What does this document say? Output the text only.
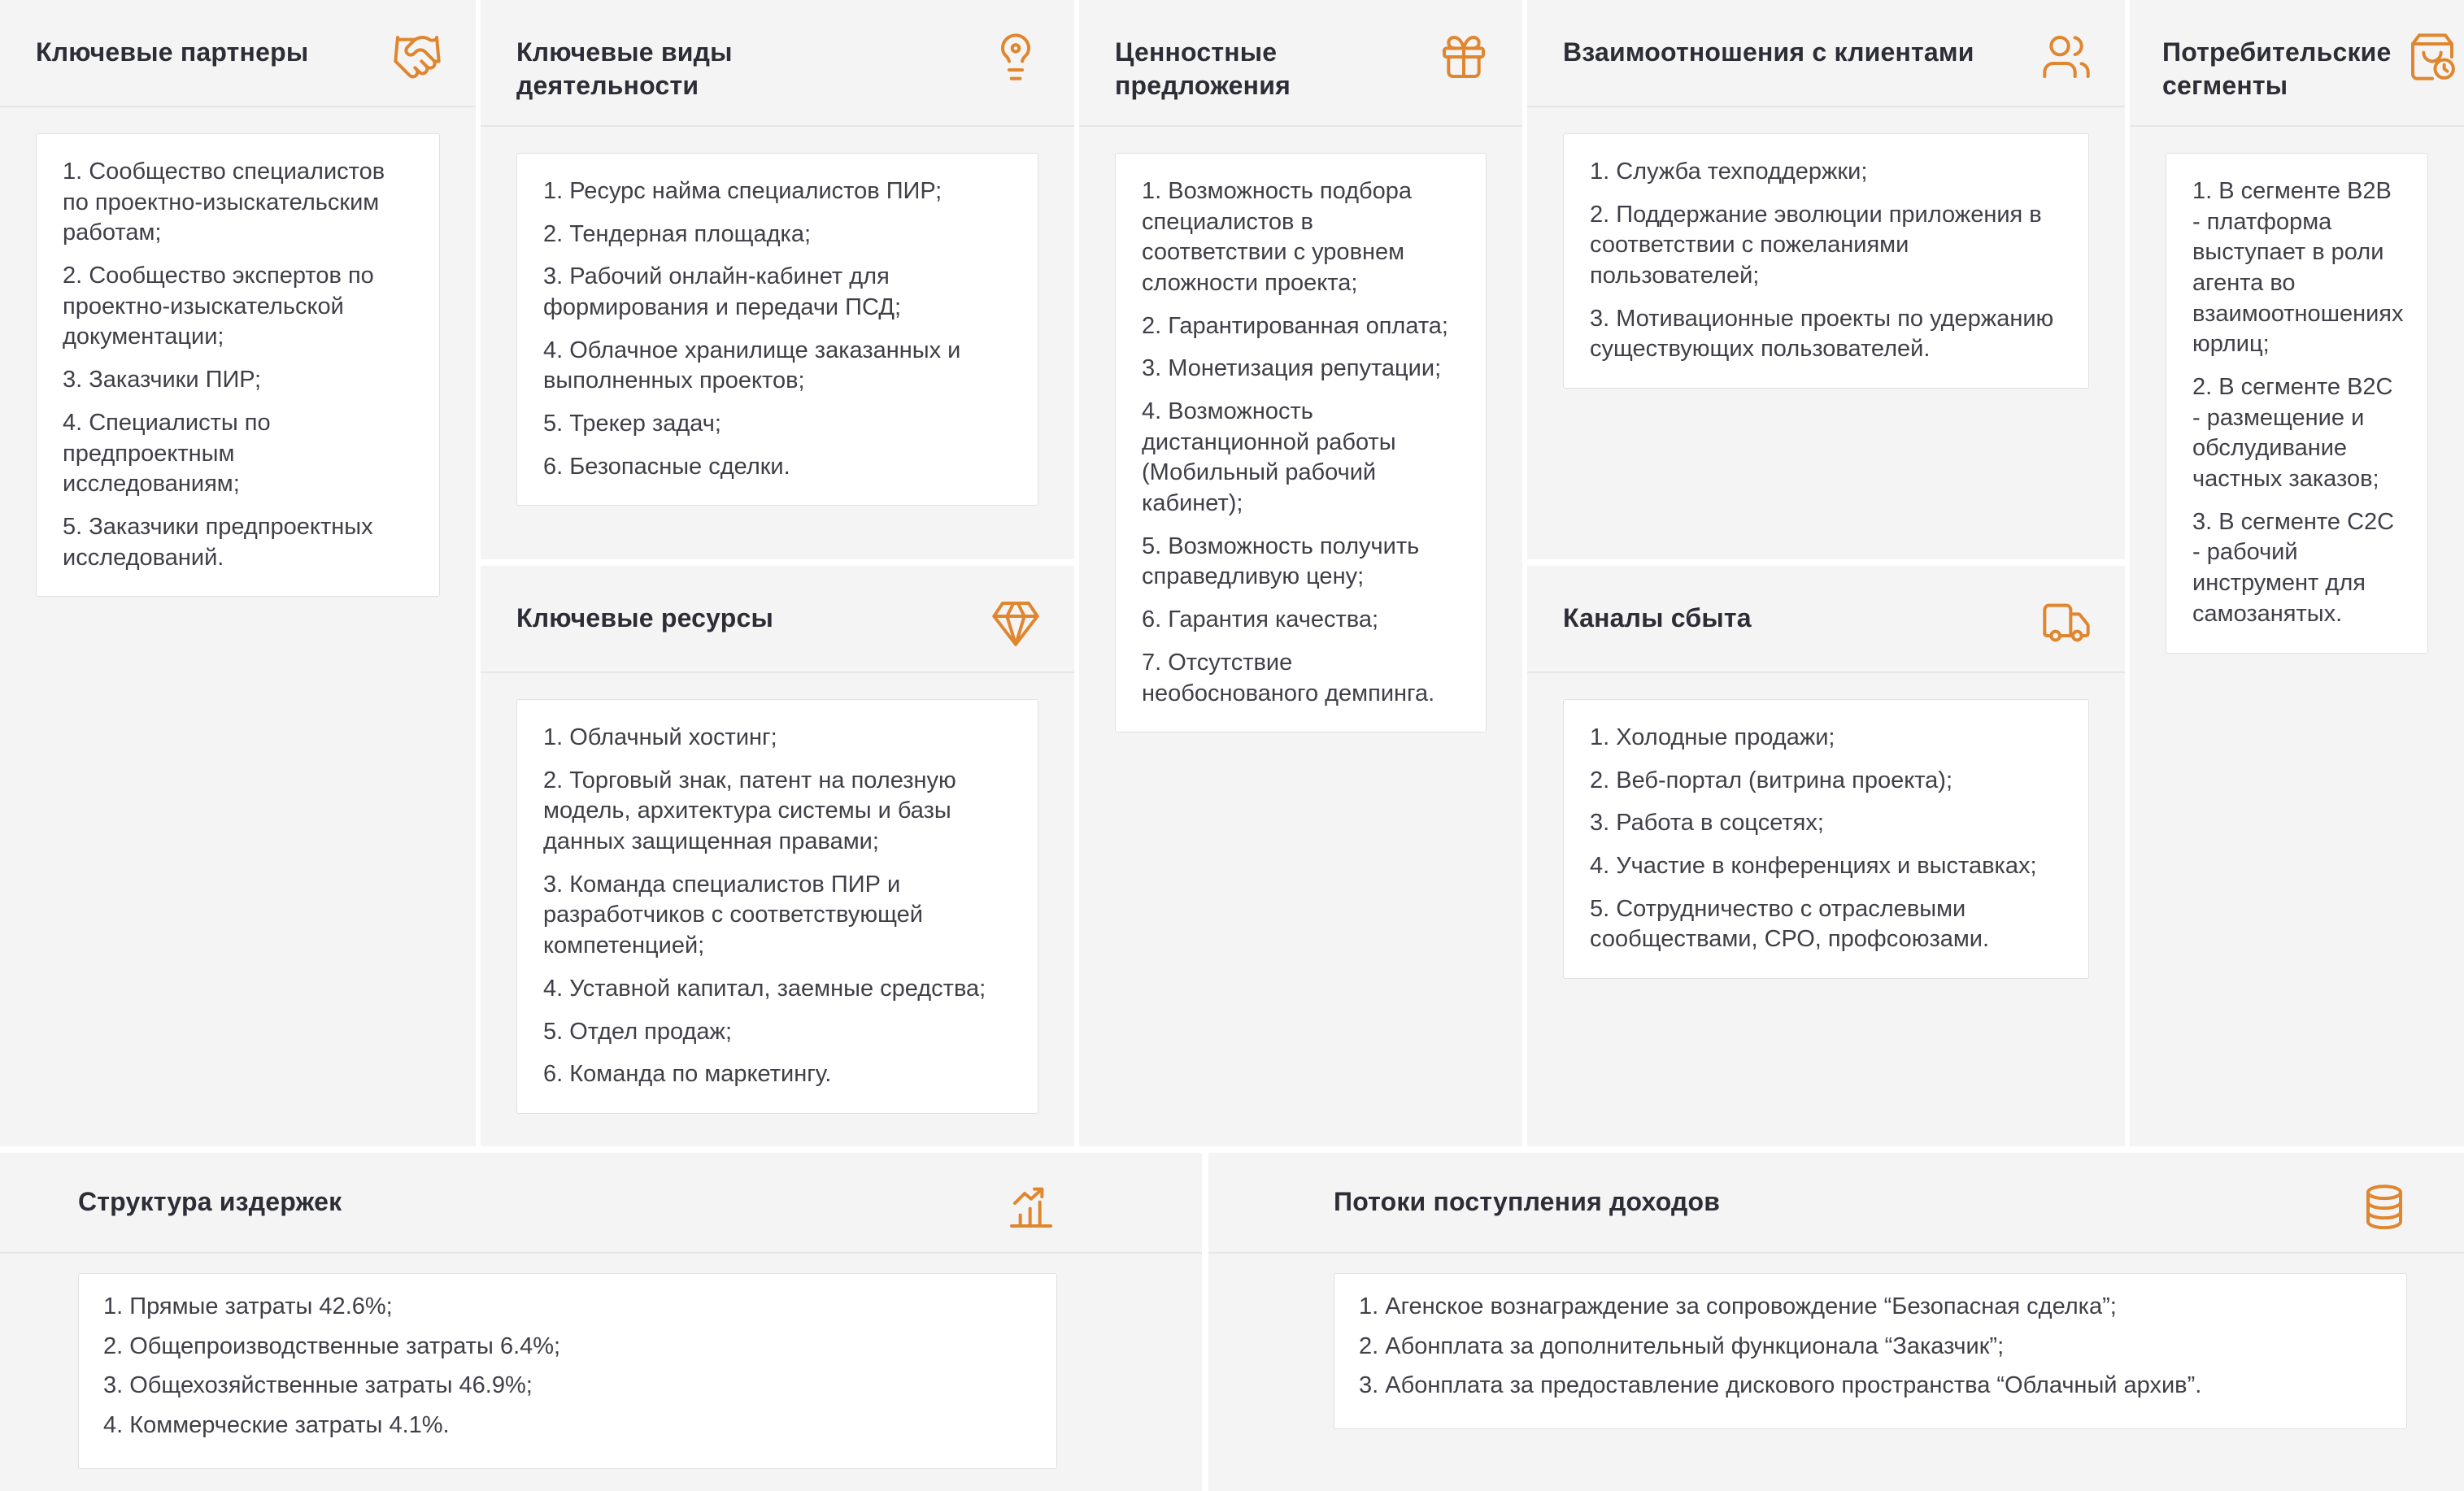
Ключевые партнеры
1. Сообщество специалистов по проектно-изыскательским работам;
2. Сообщество экспертов по проектно-изыскательской документации;
3. Заказчики ПИР;
4. Специалисты по предпроектным исследованиям;
5. Заказчики предпроектных исследований.
Ключевые виды деятельности
1. Ресурс найма специалистов ПИР;
2. Тендерная площадка;
3. Рабочий онлайн-кабинет для формирования и передачи ПСД;
4. Облачное хранилище заказанных и выполненных проектов;
5. Трекер задач;
6. Безопасные сделки.
Ключевые ресурсы
1. Облачный хостинг;
2. Торговый знак, патент на полезную модель, архитектура системы и базы данных защищенная правами;
3. Команда специалистов ПИР и разработчиков с соответствующей компетенцией;
4. Уставной капитал, заемные средства;
5. Отдел продаж;
6. Команда по маркетингу.
Ценностные предложения
1. Возможность подбора специалистов в соответствии с уровнем сложности проекта;
2. Гарантированная оплата;
3. Монетизация репутации;
4. Возможность дистанционной работы (Мобильный рабочий кабинет);
5. Возможность получить справедливую цену;
6. Гарантия качества;
7. Отсутствие необоснованого демпинга.
Взаимоотношения с клиентами
1. Служба техподдержки;
2. Поддержание эволюции приложения в соответствии с пожеланиями пользователей;
3. Мотивационные проекты по удержанию существующих пользователей.
Каналы сбыта
1. Холодные продажи;
2. Веб-портал (витрина проекта);
3. Работа в соцсетях;
4. Участие в конференциях и выставках;
5. Сотрудничество с отраслевыми сообществами, СРО, профсоюзами.
Потребительские сегменты
1. В сегменте B2B - платформа выступает в роли агента во взаимоотношениях юрлиц;
2. В сегменте B2C - размещение и обслудивание частных заказов;
3. В сегменте C2C - рабочий инструмент для самозанятых.
Структура издержек
1. Прямые затраты 42.6%;
2. Общепроизводственные затраты 6.4%;
3. Общехозяйственные затраты 46.9%;
4. Коммерческие затраты 4.1%.
Потоки поступления доходов
1. Агенское вознаграждение за сопровождение “Безопасная сделка”;
2. Абонплата за дополнительный функционала “Заказчик”;
3. Абонплата за предоставление дискового пространства “Облачный архив”.
